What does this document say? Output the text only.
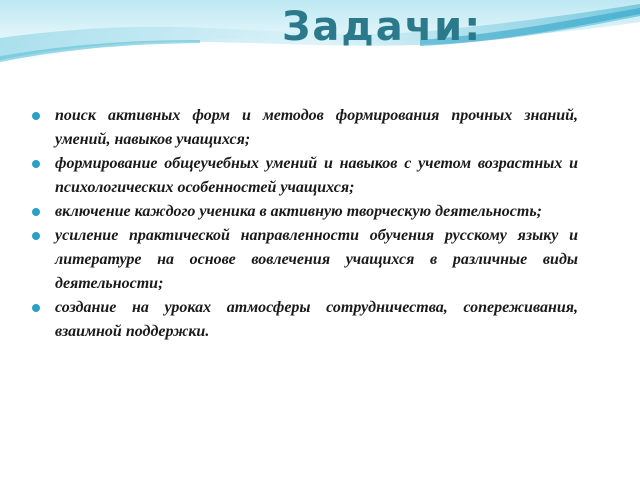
Задачи:
поиск активных форм и методов формирования прочных знаний, умений, навыков учащихся;
формирование общеучебных умений и навыков с учетом возрастных и психологических особенностей учащихся;
включение каждого ученика в активную творческую деятельность;
усиление практической направленности обучения русскому языку и литературе на основе вовлечения учащихся в различные виды деятельности;
создание на уроках атмосферы сотрудничества, сопереживания, взаимной поддержки.
